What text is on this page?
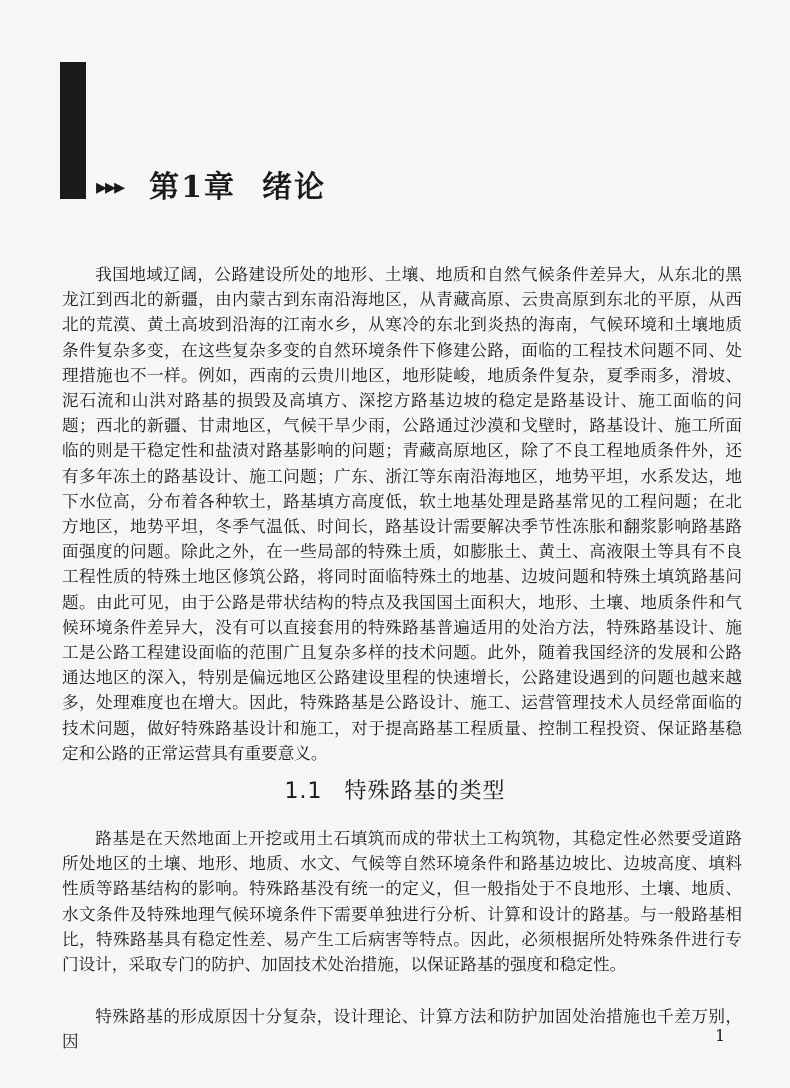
▸▸▸ 第1章 绪论

我国地域辽阔，公路建设所处的地形、土壤、地质和自然气候条件差异大，从东北的黑龙江到西北的新疆，由内蒙古到东南沿海地区，从青藏高原、云贵高原到东北的平原，从西北的荒漠、黄土高坡到沿海的江南水乡，从寒冷的东北到炎热的海南，气候环境和土壤地质条件复杂多变，在这些复杂多变的自然环境条件下修建公路，面临的工程技术问题不同、处理措施也不一样。例如，西南的云贵川地区，地形陡峻，地质条件复杂，夏季雨多，滑坡、泥石流和山洪对路基的损毁及高填方、深挖方路基边坡的稳定是路基设计、施工面临的问题；西北的新疆、甘肃地区，气候干旱少雨，公路通过沙漠和戈壁时，路基设计、施工所面临的则是干稳定性和盐渍对路基影响的问题；青藏高原地区，除了不良工程地质条件外，还有多年冻土的路基设计、施工问题；广东、浙江等东南沿海地区，地势平坦，水系发达，地下水位高，分布着各种软土，路基填方高度低，软土地基处理是路基常见的工程问题；在北方地区，地势平坦，冬季气温低、时间长，路基设计需要解决季节性冻胀和翻浆影响路基路面强度的问题。除此之外，在一些局部的特殊土质，如膨胀土、黄土、高液限土等具有不良工程性质的特殊土地区修筑公路，将同时面临特殊土的地基、边坡问题和特殊土填筑路基问题。由此可见，由于公路是带状结构的特点及我国国土面积大，地形、土壤、地质条件和气候环境条件差异大，没有可以直接套用的特殊路基普遍适用的处治方法，特殊路基设计、施工是公路工程建设面临的范围广且复杂多样的技术问题。此外，随着我国经济的发展和公路通达地区的深入，特别是偏远地区公路建设里程的快速增长，公路建设遇到的问题也越来越多，处理难度也在增大。因此，特殊路基是公路设计、施工、运营管理技术人员经常面临的技术问题，做好特殊路基设计和施工，对于提高路基工程质量、控制工程投资、保证路基稳定和公路的正常运营具有重要意义。

1.1 特殊路基的类型

路基是在天然地面上开挖或用土石填筑而成的带状土工构筑物，其稳定性必然要受道路所处地区的土壤、地形、地质、水文、气候等自然环境条件和路基边坡比、边坡高度、填料性质等路基结构的影响。特殊路基没有统一的定义，但一般指处于不良地形、土壤、地质、水文条件及特殊地理气候环境条件下需要单独进行分析、计算和设计的路基。与一般路基相比，特殊路基具有稳定性差、易产生工后病害等特点。因此，必须根据所处特殊条件进行专门设计，采取专门的防护、加固技术处治措施，以保证路基的强度和稳定性。

特殊路基的形成原因十分复杂，设计理论、计算方法和防护加固处治措施也千差万别，因	1
